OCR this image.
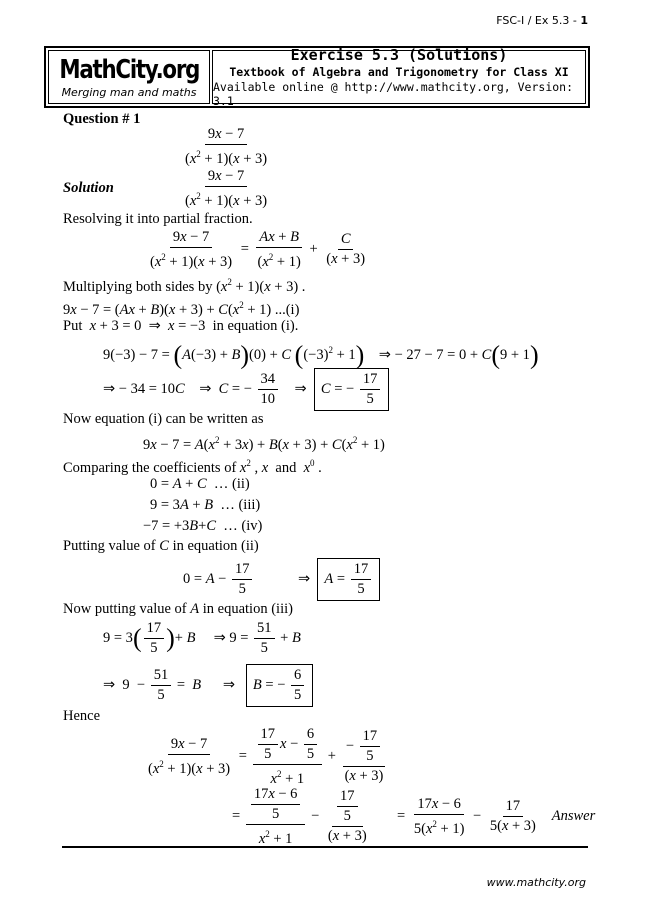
FSC-I / Ex 5.3 - 1
MathCity.org
Merging man and maths
Exercise 5.3 (Solutions)
Textbook of Algebra and Trigonometry for Class XI
Available online @ http://www.mathcity.org, Version: 3.1
Question # 1
$\frac{9x - 7}{(x^2 + 1)(x + 3)}$
Solution	$\frac{9x - 7}{(x^2 + 1)(x + 3)}$
Resolving it into partial fraction.
$\frac{9x - 7}{(x^2 + 1)(x + 3)} = \frac{Ax + B}{(x^2 + 1)} + \frac{C}{(x + 3)}$
Multiplying both sides by $(x^2 + 1)(x + 3)$ .
$9x - 7 = (Ax + B)(x + 3) + C(x^2 + 1)$ ...(i)
Put x + 3 = 0  ⇒  x = −3  in equation (i).
9(−3) − 7 = (A(−3) + B)(0) + C $((-3)^2 + 1)$    ⇒ − 27 − 7 = 0 + C(9 + 1)
⇒ − 34 = 10C    ⇒  C = − $\frac{34}{10}$ ⇒  C = − $\frac{17}{5}$
Now equation (i) can be written as
$9x - 7 = A(x^2 + 3x) + B(x + 3) + C(x^2 + 1)$
Comparing the coefficients of $x^2$ , x and $x^0$ .
0 = A + C  … (ii)
9 = 3A + B  … (iii)
−7 = +3B+C  … (iv)
Putting value of C in equation (ii)
$0 = A - \frac{17}{5}$ ⇒  $A = \frac{17}{5}$
Now putting value of A in equation (iii)
$9 = 3( \frac{17}{5}$ )+ B     ⇒ $9 = \frac{51}{5} + B$
⇒  $9 - \frac{51}{5} = B$      ⇒   B = − $\frac{6}{5}$
Hence
$\frac{9x - 7}{(x^2 + 1)(x + 3)} = \frac{\frac{17}{5} x - \frac{6}{5}}{x^2 + 1} + \frac{- \frac{17}{5}}{(x + 3)}$
= $\frac{\frac{17x - 6}{5}}{x^2 + 1} - \frac{\frac{17}{5}}{(x + 3)} = \frac{17x - 6}{5(x^2 + 1)} - \frac{17}{5(x + 3)}$ Answer
www.mathcity.org
